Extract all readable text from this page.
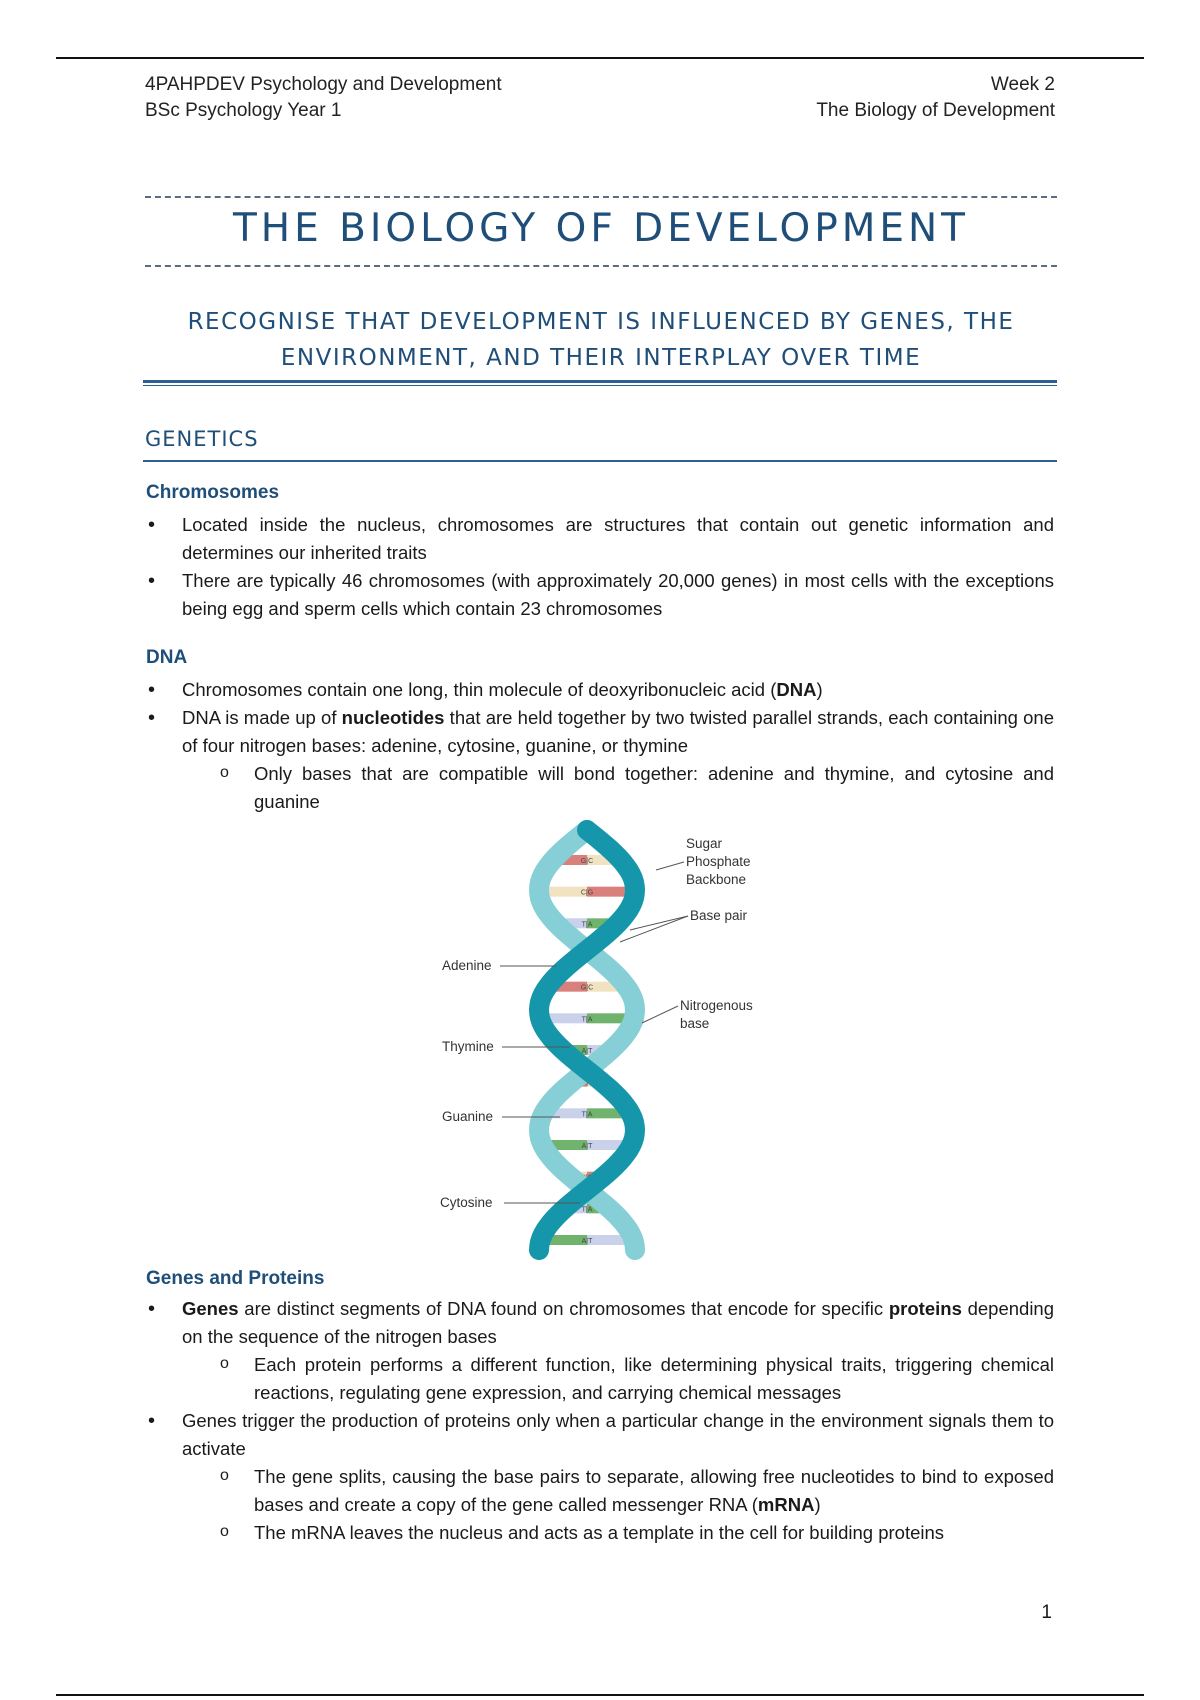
4PAHPDEV Psychology and Development
BSc Psychology Year 1
Week 2
The Biology of Development
THE BIOLOGY OF DEVELOPMENT
RECOGNISE THAT DEVELOPMENT IS INFLUENCED BY GENES, THE
ENVIRONMENT, AND THEIR INTERPLAY OVER TIME
GENETICS
Chromosomes
• Located inside the nucleus, chromosomes are structures that contain out genetic information and determines our inherited traits
• There are typically 46 chromosomes (with approximately 20,000 genes) in most cells with the exceptions being egg and sperm cells which contain 23 chromosomes
DNA
• Chromosomes contain one long, thin molecule of deoxyribonucleic acid (DNA)
• DNA is made up of nucleotides that are held together by two twisted parallel strands, each containing one of four nitrogen bases: adenine, cytosine, guanine, or thymine
o Only bases that are compatible will bond together: adenine and thymine, and cytosine and guanine
G|C
C|G
T|A
G|C
T|A
A|T
G|C
T|A
A|T
C|G
T|A
A|T
Sugar
Phosphate
Backbone
Base pair
Nitrogenous
base
Adenine
Thymine
Guanine
Cytosine
Genes and Proteins
• Genes are distinct segments of DNA found on chromosomes that encode for specific proteins depending on the sequence of the nitrogen bases
o Each protein performs a different function, like determining physical traits, triggering chemical reactions, regulating gene expression, and carrying chemical messages
• Genes trigger the production of proteins only when a particular change in the environment signals them to activate
o The gene splits, causing the base pairs to separate, allowing free nucleotides to bind to exposed bases and create a copy of the gene called messenger RNA (mRNA)
o The mRNA leaves the nucleus and acts as a template in the cell for building proteins
1
